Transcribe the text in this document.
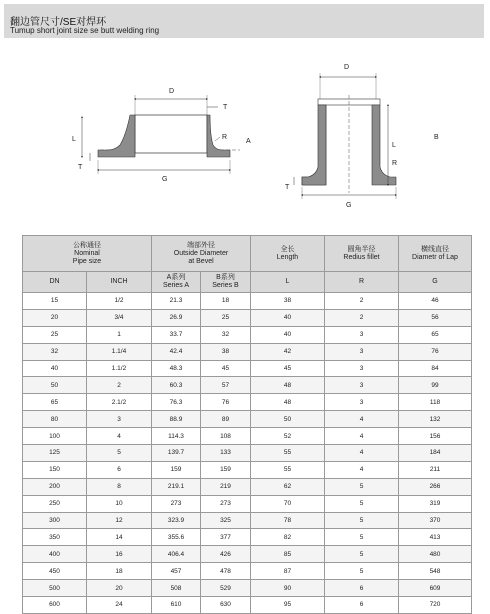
翻边管尺寸/SE对焊环
Tumup short joint size se butt welding ring
D
T
L	R
A
T
G
D
L
B
R
T
G
公称通径
Nominal
Pipe size		端部外径
Outside Diameter
at Bevel		全长
Length	圆角半径
Redius fillet	横线直径
Diametr of Lap

DN	INCH	A系列
Series A	B系列
Series B	L	R	G
15	1/2	21.3	18	38	2	46
20	3/4	26.9	25	40	2	56
25	1	33.7	32	40	3	65
32	1.1/4	42.4	38	42	3	76
40	1.1/2	48.3	45	45	3	84
50	2	60.3	57	48	3	99
65	2.1/2	76.3	76	48	3	118
80	3	88.9	89	50	4	132
100	4	114.3	108	52	4	156
125	5	139.7	133	55	4	184
150	6	159	159	55	4	211
200	8	219.1	219	62	5	266
250	10	273	273	70	5	319
300	12	323.9	325	78	5	370
350	14	355.6	377	82	5	413
400	16	406.4	426	85	5	480
450	18	457	478	87	5	548
500	20	508	529	90	6	609
600	24	610	630	95	6	720
